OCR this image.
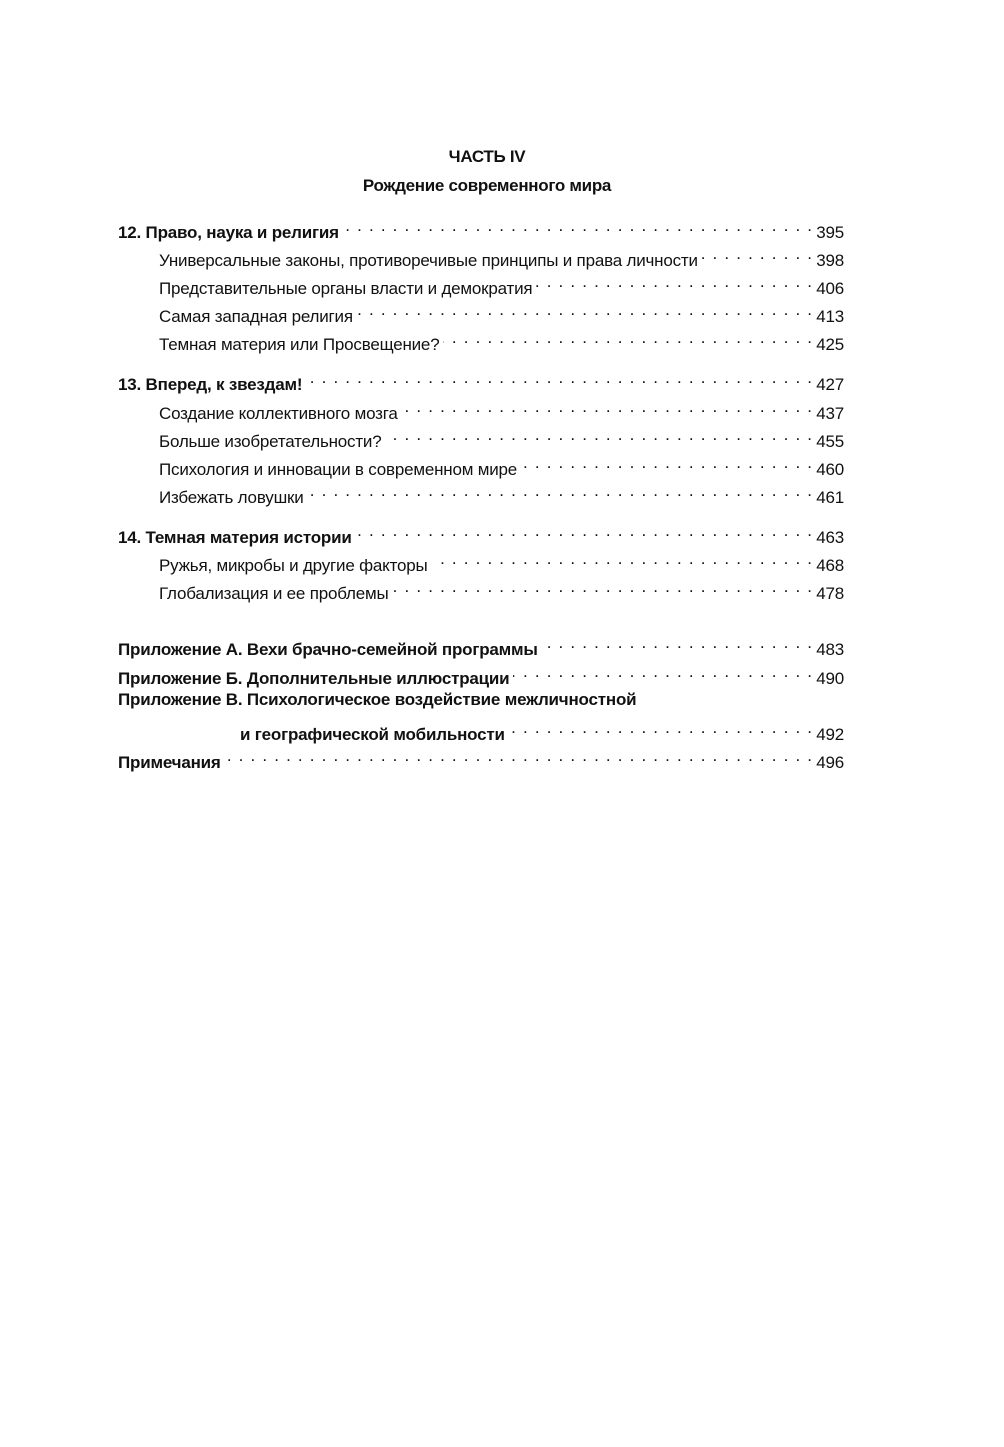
ЧАСТЬ IV
Рождение современного мира
12. Право, наука и религия . . .	395
Универсальные законы, противоречивые принципы и права личности . . .	398
Представительные органы власти и демократия . . .	406
Самая западная религия . . .	413
Темная материя или Просвещение? . . .	425
13. Вперед, к звездам! . . .	427
Создание коллективного мозга . . .	437
Больше изобретательности? . . .	455
Психология и инновации в современном мире . . .	460
Избежать ловушки . . .	461
14. Темная материя истории . . .	463
Ружья, микробы и другие факторы . . .	468
Глобализация и ее проблемы . . .	478
Приложение А. Вехи брачно-семейной программы . . .	483
Приложение Б. Дополнительные иллюстрации . . .	490
Приложение В. Психологическое воздействие межличностной
и географической мобильности . . .	492
Примечания . . .	496
